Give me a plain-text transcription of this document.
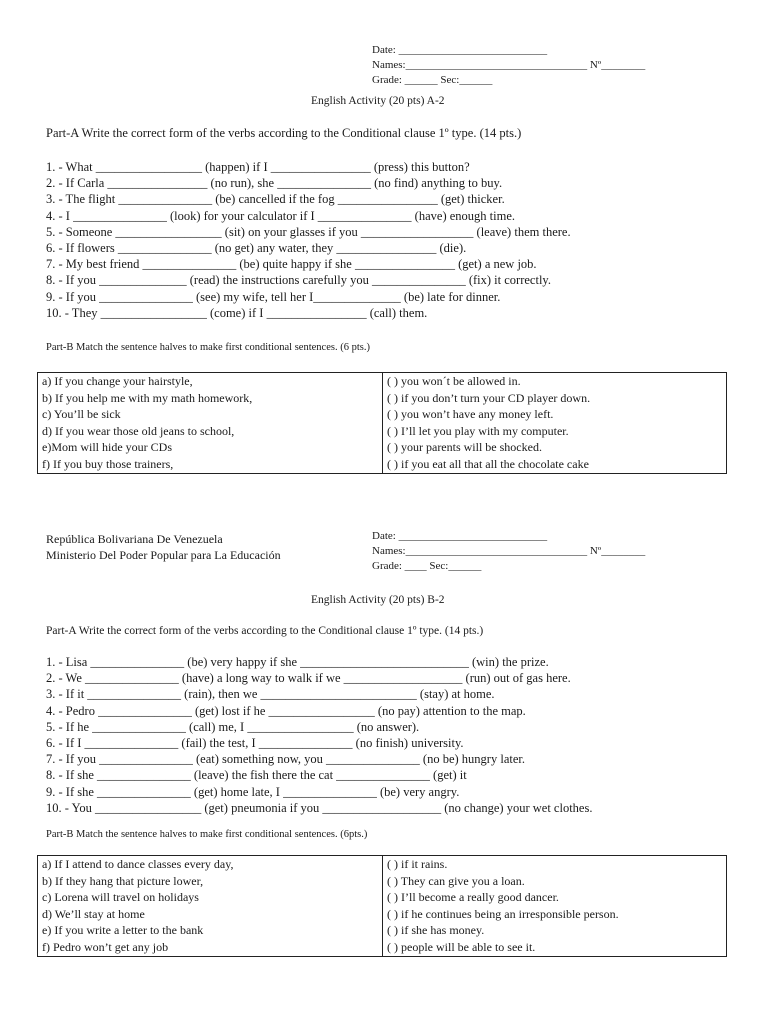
Date: ___________________________
Names:_________________________________ Nº________
Grade: ______ Sec:______
English Activity (20 pts) A-2
Part-A Write the correct form of the verbs according to the Conditional clause 1º type. (14 pts.)
1. - What _________________ (happen) if I ________________ (press) this button?
2. - If Carla ________________ (no run), she _______________ (no find) anything to buy.
3. - The flight _______________ (be) cancelled if the fog ________________ (get) thicker.
4. - I _______________ (look) for your calculator if I _______________ (have) enough time.
5. - Someone _________________ (sit) on your glasses if you __________________ (leave) them there.
6. - If flowers _______________ (no get) any water, they ________________ (die).
7. - My best friend _______________ (be) quite happy if she ________________ (get) a new job.
8. - If you ______________ (read) the instructions carefully you _______________ (fix) it correctly.
9. - If you _______________ (see) my wife, tell her I______________ (be) late for dinner.
10. - They _________________ (come) if I ________________ (call) them.
Part-B Match the sentence halves to make first conditional sentences. (6 pts.)
a) If you change your hairstyle,
b) If you help me with my math homework,
c) You’ll be sick
d) If you wear those old jeans to school,
e)Mom will hide your CDs
f) If you buy those trainers,
( ) you won´t be allowed in.
( ) if you don’t turn your CD player down.
( ) you won’t have any money left.
( ) I’ll let you play with my computer.
( ) your parents will be shocked.
( ) if you eat all that all the chocolate cake
República Bolivariana De Venezuela
Ministerio Del Poder Popular para La Educación
Date: ___________________________
Names:_________________________________ Nº________
Grade: ____ Sec:______
English Activity (20 pts) B-2
Part-A Write the correct form of the verbs according to the Conditional clause 1º type. (14 pts.)
1. - Lisa _______________ (be) very happy if she ___________________________ (win) the prize.
2. - We _______________ (have) a long way to walk if we ___________________ (run) out of gas here.
3. - If it _______________ (rain), then we _________________________ (stay) at home.
4. - Pedro _______________ (get) lost if he _________________ (no pay) attention to the map.
5. - If he _______________ (call) me, I _________________ (no answer).
6. - If I _______________ (fail) the test, I _______________ (no finish) university.
7. - If you _______________ (eat) something now, you _______________ (no be) hungry later.
8. - If she _______________ (leave) the fish there the cat _______________ (get) it
9. - If she _______________ (get) home late, I _______________ (be) very angry.
10. - You _________________ (get) pneumonia if you ___________________ (no change) your wet clothes.
Part-B Match the sentence halves to make first conditional sentences. (6pts.)
a) If I attend to dance classes every day,
b) If they hang that picture lower,
c) Lorena will travel on holidays
d) We’ll stay at home
e) If you write a letter to the bank
f) Pedro won’t get any job
( ) if it rains.
( ) They can give you a loan.
( ) I’ll become a really good dancer.
( ) if he continues being an irresponsible person.
( ) if she has money.
( ) people will be able to see it.
